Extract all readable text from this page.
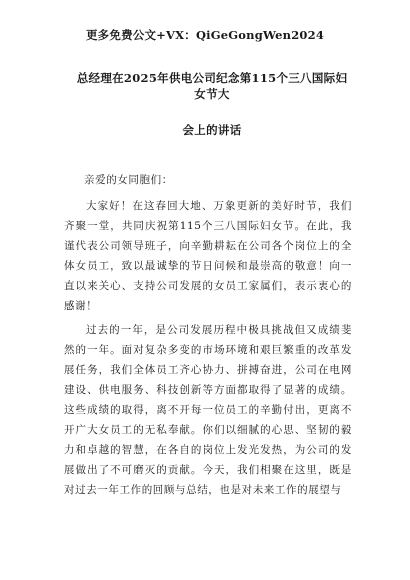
更多免费公文+VX：QiGeGongWen2024
总经理在2025年供电公司纪念第115个三八国际妇女节大
会上的讲话

亲爱的女同胞们：

大家好！在这春回大地、万象更新的美好时节，我们齐聚一堂，共同庆祝第115个三八国际妇女节。在此，我谨代表公司领导班子，向辛勤耕耘在公司各个岗位上的全体女员工，致以最诚挚的节日问候和最崇高的敬意！向一直以来关心、支持公司发展的女员工家属们，表示衷心的感谢！

过去的一年，是公司发展历程中极具挑战但又成绩斐然的一年。面对复杂多变的市场环境和艰巨繁重的改革发展任务，我们全体员工齐心协力、拼搏奋进，公司在电网建设、供电服务、科技创新等方面都取得了显著的成绩。这些成绩的取得，离不开每一位员工的辛勤付出，更离不开广大女员工的无私奉献。你们以细腻的心思、坚韧的毅力和卓越的智慧，在各自的岗位上发光发热，为公司的发展做出了不可磨灭的贡献。今天，我们相聚在这里，既是对过去一年工作的回顾与总结，也是对未来工作的展望与
